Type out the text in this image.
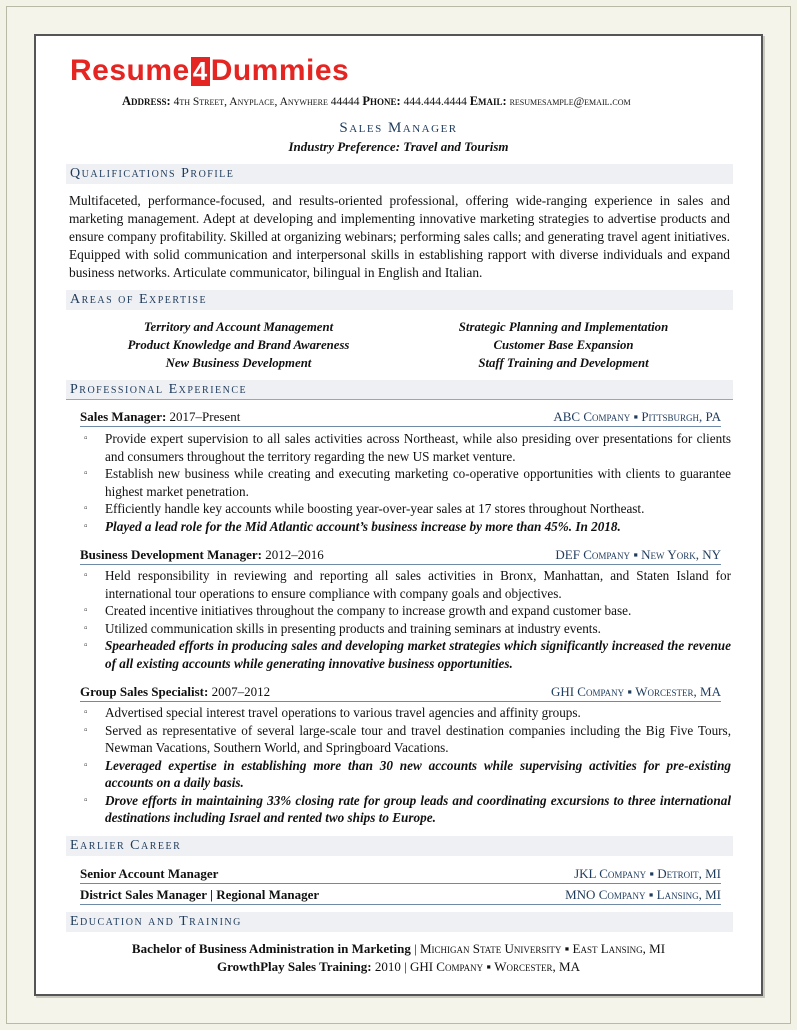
Resume 4 Dummies
Address: 4th Street, Anyplace, Anywhere 44444 Phone: 444.444.4444 Email: resumesample@email.com
Sales Manager
Industry Preference: Travel and Tourism
Qualifications Profile
Multifaceted, performance-focused, and results-oriented professional, offering wide-ranging experience in sales and marketing management. Adept at developing and implementing innovative marketing strategies to advertise products and ensure company profitability. Skilled at organizing webinars; performing sales calls; and generating travel agent initiatives. Equipped with solid communication and interpersonal skills in establishing rapport with diverse individuals and expand business networks. Articulate communicator, bilingual in English and Italian.
Areas of Expertise
Territory and Account Management	Strategic Planning and Implementation
Product Knowledge and Brand Awareness	Customer Base Expansion
New Business Development	Staff Training and Development
Professional Experience
Sales Manager: 2017–Present	ABC Company ▪ Pittsburgh, PA
▫ Provide expert supervision to all sales activities across Northeast, while also presiding over presentations for clients and consumers throughout the territory regarding the new US market venture.
▫ Establish new business while creating and executing marketing co-operative opportunities with clients to guarantee highest market penetration.
▫ Efficiently handle key accounts while boosting year-over-year sales at 17 stores throughout Northeast.
▫ Played a lead role for the Mid Atlantic account’s business increase by more than 45%. In 2018.
Business Development Manager: 2012–2016	DEF Company ▪ New York, NY
▫ Held responsibility in reviewing and reporting all sales activities in Bronx, Manhattan, and Staten Island for international tour operations to ensure compliance with company goals and objectives.
▫ Created incentive initiatives throughout the company to increase growth and expand customer base.
▫ Utilized communication skills in presenting products and training seminars at industry events.
▫ Spearheaded efforts in producing sales and developing market strategies which significantly increased the revenue of all existing accounts while generating innovative business opportunities.
Group Sales Specialist: 2007–2012	GHI Company ▪ Worcester, MA
▫ Advertised special interest travel operations to various travel agencies and affinity groups.
▫ Served as representative of several large-scale tour and travel destination companies including the Big Five Tours, Newman Vacations, Southern World, and Springboard Vacations.
▫ Leveraged expertise in establishing more than 30 new accounts while supervising activities for pre-existing accounts on a daily basis.
▫ Drove efforts in maintaining 33% closing rate for group leads and coordinating excursions to three international destinations including Israel and rented two ships to Europe.
Earlier Career
Senior Account Manager	JKL Company ▪ Detroit, MI
District Sales Manager | Regional Manager	MNO Company ▪ Lansing, MI
Education and Training
Bachelor of Business Administration in Marketing | Michigan State University ▪ East Lansing, MI
GrowthPlay Sales Training: 2010 | GHI Company ▪ Worcester, MA
